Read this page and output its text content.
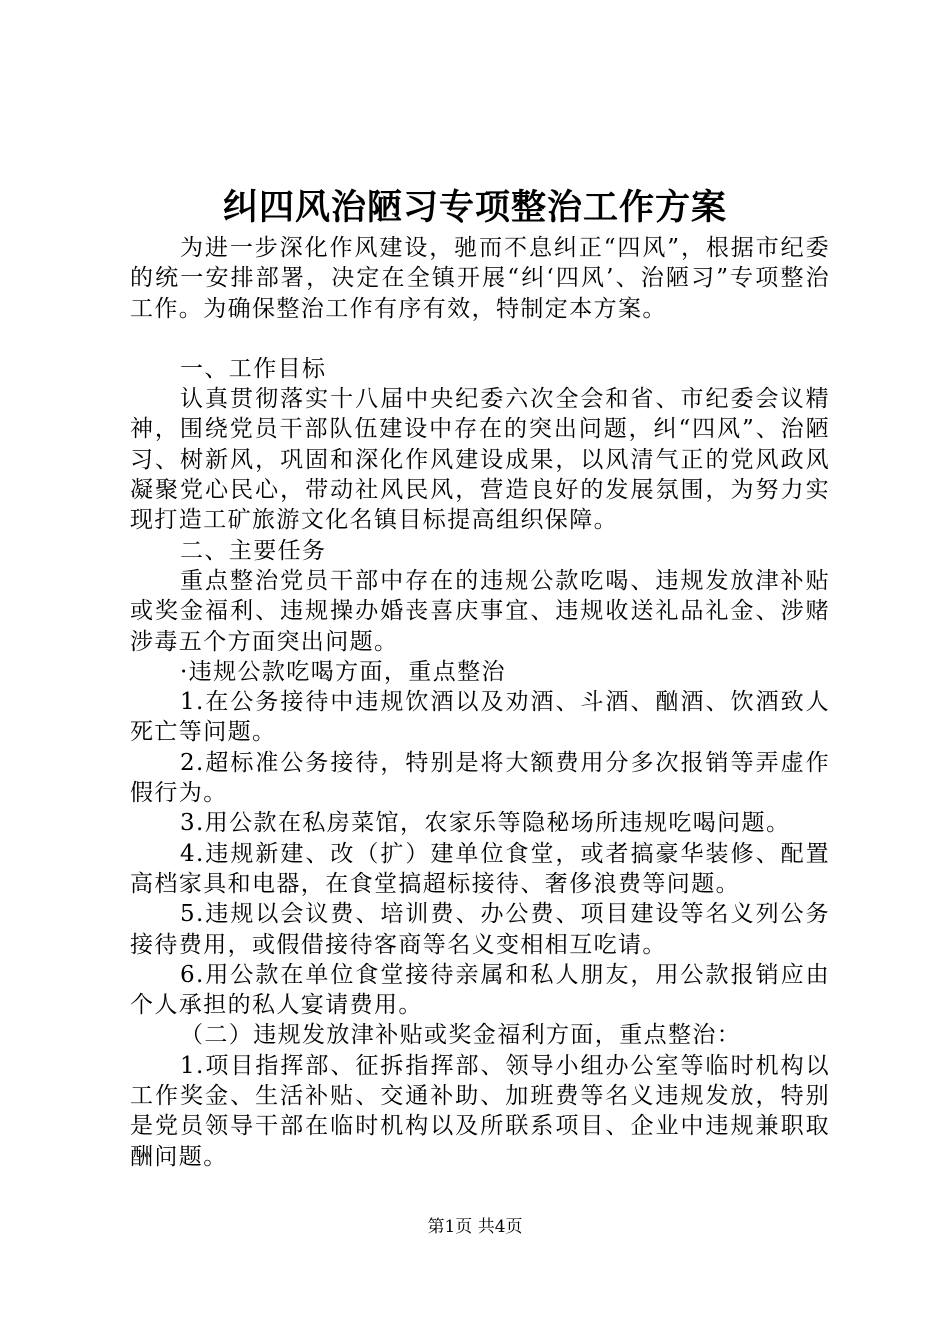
纠四风治陋习专项整治工作方案

为进一步深化作风建设，驰而不息纠正“四风”，根据市纪委的统一安排部署，决定在全镇开展“纠‘四风’、治陋习”专项整治工作。为确保整治工作有序有效，特制定本方案。

一、工作目标

认真贯彻落实十八届中央纪委六次全会和省、市纪委会议精神，围绕党员干部队伍建设中存在的突出问题，纠“四风”、治陋习、树新风，巩固和深化作风建设成果，以风清气正的党风政风凝聚党心民心，带动社风民风，营造良好的发展氛围，为努力实现打造工矿旅游文化名镇目标提高组织保障。

二、主要任务

重点整治党员干部中存在的违规公款吃喝、违规发放津补贴或奖金福利、违规操办婚丧喜庆事宜、违规收送礼品礼金、涉赌涉毒五个方面突出问题。

·违规公款吃喝方面，重点整治

1.在公务接待中违规饮酒以及劝酒、斗酒、酗酒、饮酒致人死亡等问题。

2.超标准公务接待，特别是将大额费用分多次报销等弄虚作假行为。

3.用公款在私房菜馆，农家乐等隐秘场所违规吃喝问题。

4.违规新建、改（扩）建单位食堂，或者搞豪华装修、配置高档家具和电器，在食堂搞超标接待、奢侈浪费等问题。

5.违规以会议费、培训费、办公费、项目建设等名义列公务接待费用，或假借接待客商等名义变相相互吃请。

6.用公款在单位食堂接待亲属和私人朋友，用公款报销应由个人承担的私人宴请费用。

（二）违规发放津补贴或奖金福利方面，重点整治：

1.项目指挥部、征拆指挥部、领导小组办公室等临时机构以工作奖金、生活补贴、交通补助、加班费等名义违规发放，特别是党员领导干部在临时机构以及所联系项目、企业中违规兼职取酬问题。

第1页 共4页
